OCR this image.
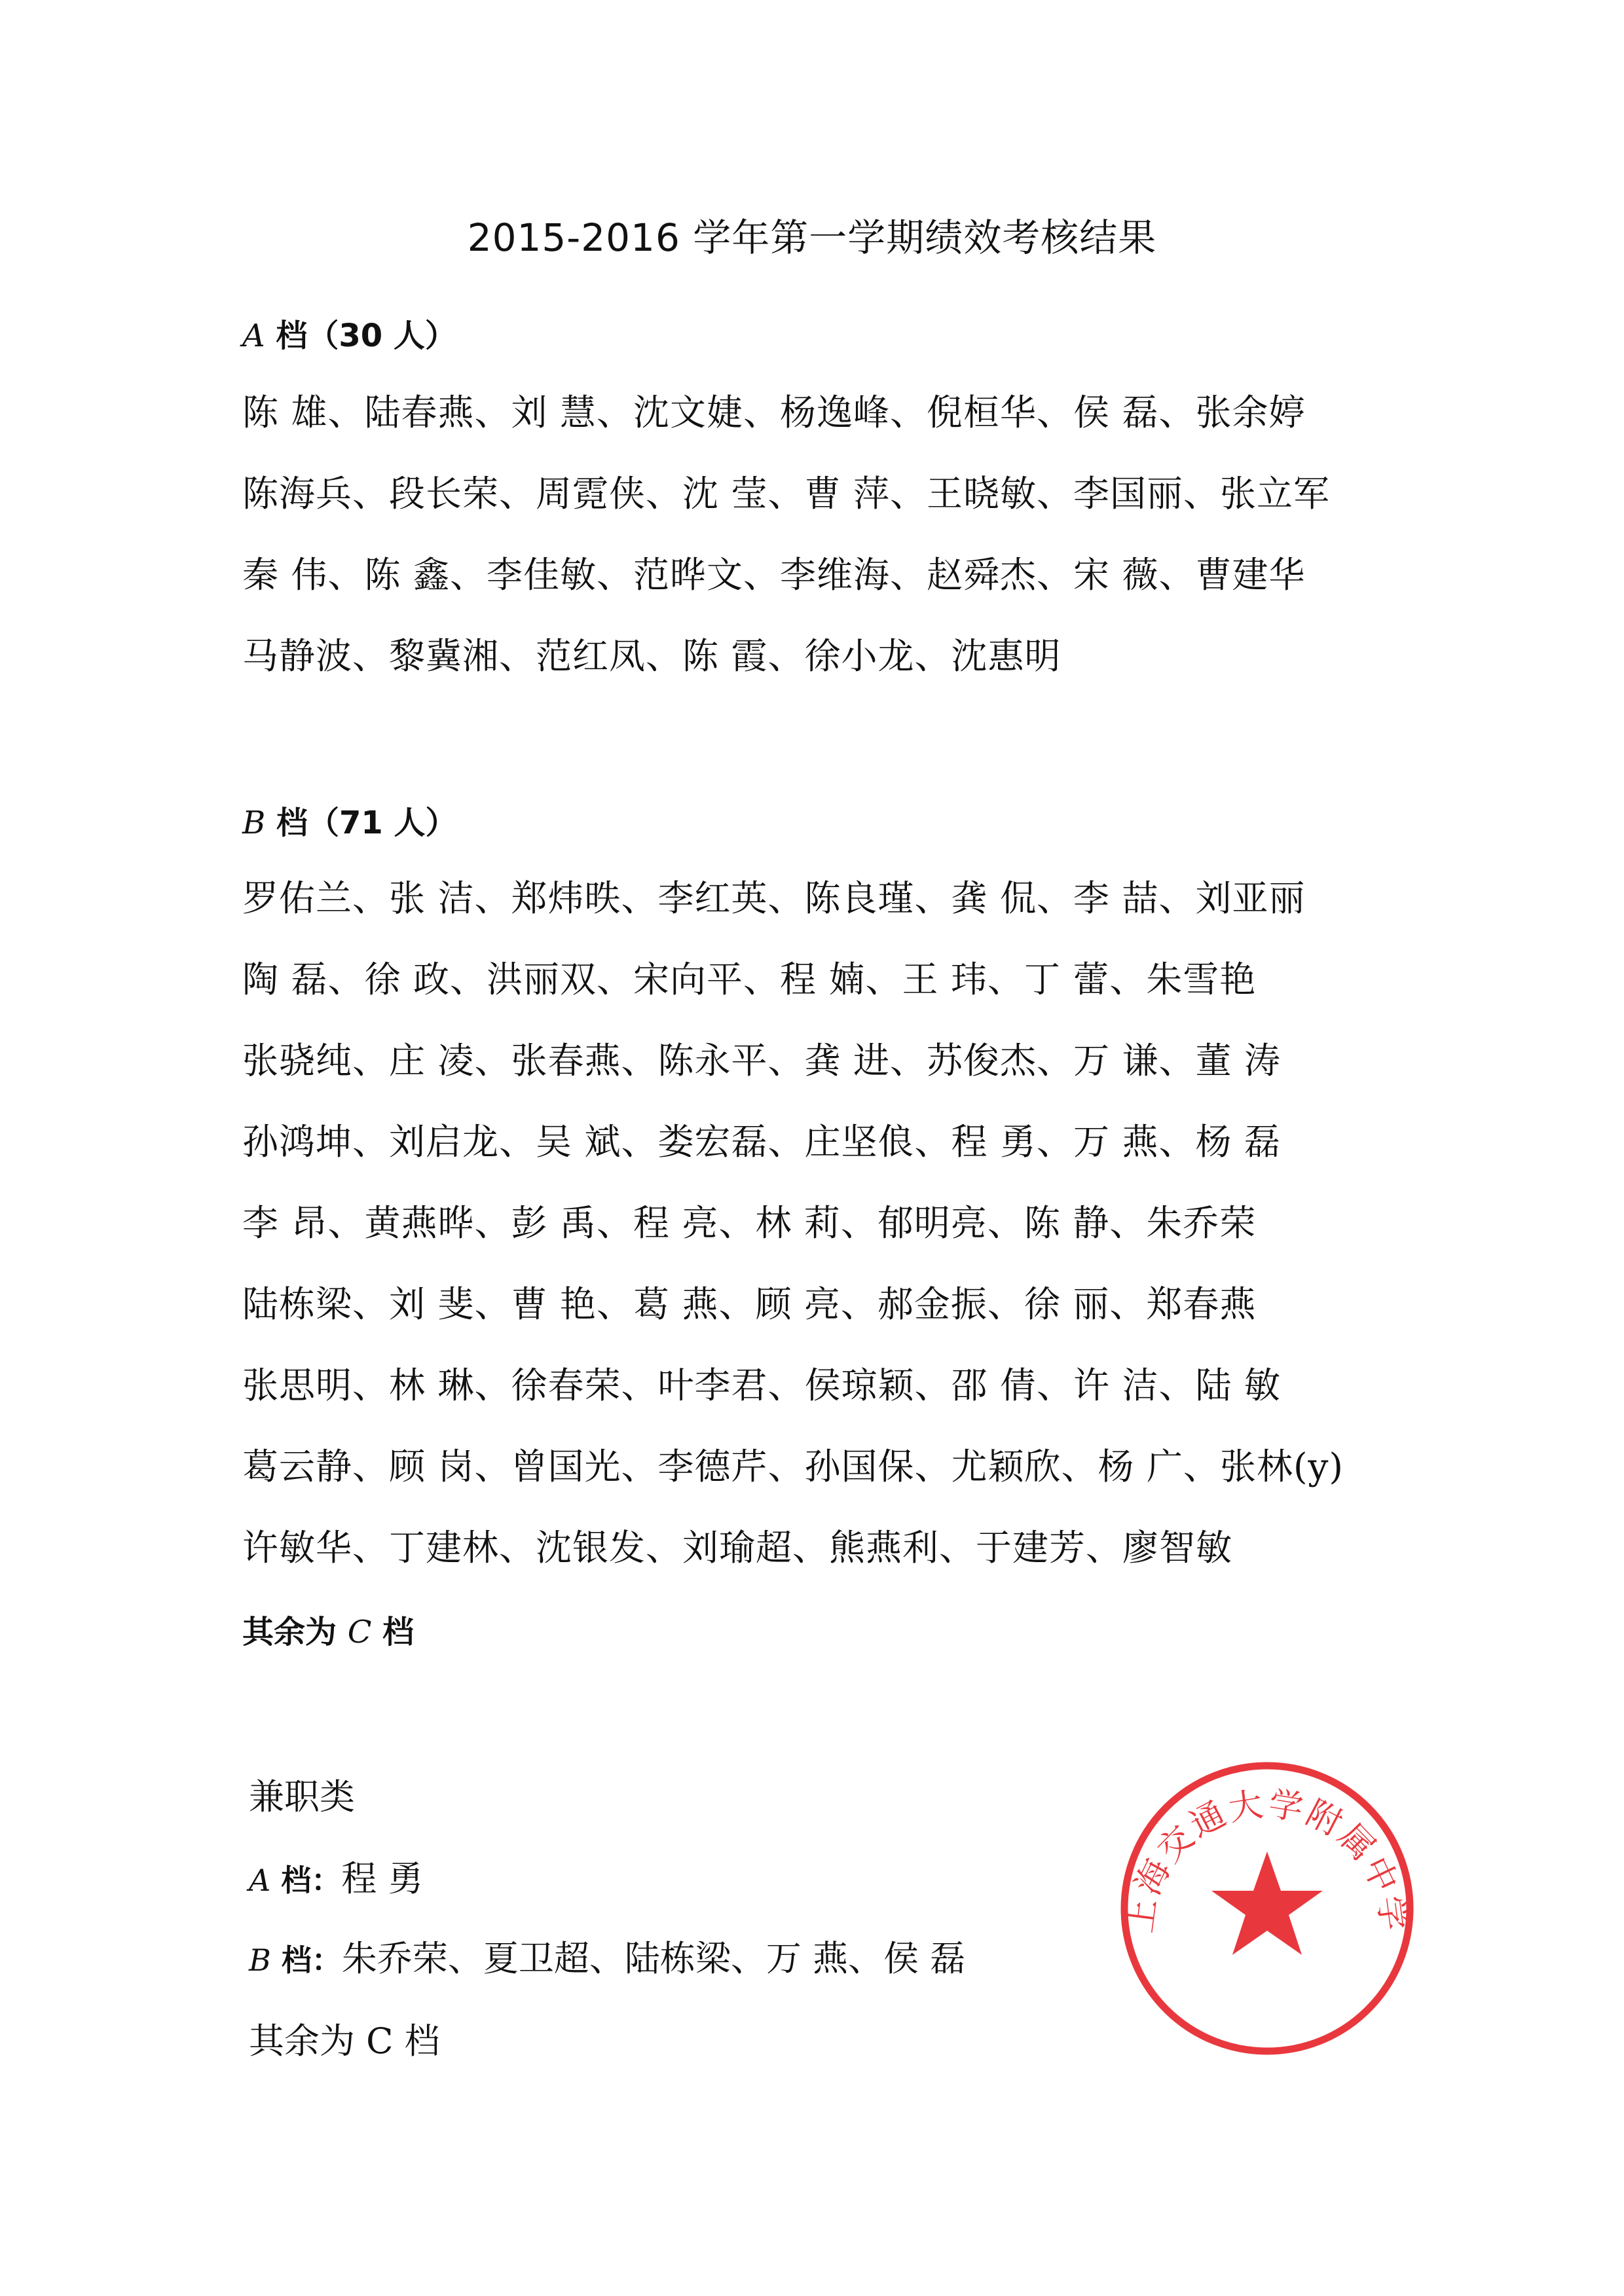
2015-2016 学年第一学期绩效考核结果
A 档（30 人）
陈 雄、陆春燕、刘 慧、沈文婕、杨逸峰、倪桓华、侯 磊、张余婷
陈海兵、段长荣、周霓侠、沈 莹、曹 萍、王晓敏、李国丽、张立军
秦 伟、陈 鑫、李佳敏、范晔文、李维海、赵舜杰、宋 薇、曹建华
马静波、黎冀湘、范红凤、陈 霞、徐小龙、沈惠明
B 档（71 人）
罗佑兰、张 洁、郑炜昳、李红英、陈良瑾、龚 侃、李 喆、刘亚丽
陶 磊、徐 政、洪丽双、宋向平、程 婻、王 玮、丁 蕾、朱雪艳
张骁纯、庄 凌、张春燕、陈永平、龚 进、苏俊杰、万 谦、董 涛
孙鸿坤、刘启龙、吴 斌、娄宏磊、庄坚俍、程 勇、万 燕、杨 磊
李 昂、黄燕晔、彭 禹、程 亮、林 莉、郁明亮、陈 静、朱乔荣
陆栋梁、刘 斐、曹 艳、葛 燕、顾 亮、郝金振、徐 丽、郑春燕
张思明、林 琳、徐春荣、叶李君、侯琼颖、邵 倩、许 洁、陆 敏
葛云静、顾 岗、曾国光、李德芹、孙国保、尤颖欣、杨 广、张林(y)
许敏华、丁建林、沈银发、刘瑜超、熊燕利、于建芳、廖智敏
其余为 C 档
兼职类
A 档：程 勇
B 档：朱乔荣、夏卫超、陆栋梁、万 燕、侯 磊
其余为 C 档
上海交通大学附属中学
